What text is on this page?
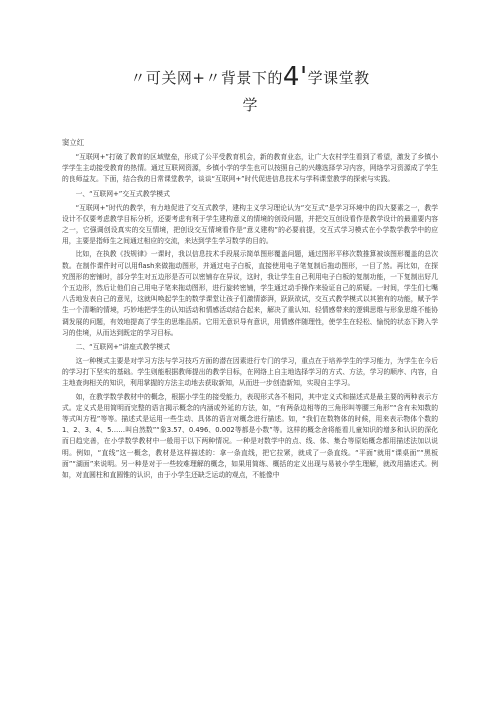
〃可关网+〃背景下的4'学课堂教
学
窦立红

“互联网+”打破了教育的区域壁垒，形成了公平受教育机会，新的教育业态，让广大农村学生看到了希望，激发了乡镇小学学生主动接受教育的热情。通过互联网资源，乡镇小学的学生也可以按照自己的兴趣选择学习内容，网络学习资源成了学生的良师益友。下面，结合我的日常课堂教学，谈谈“互联网+”时代促进信息技术与学科课堂教学的探索与实践。

一、“互联网+”交互式教学模式

“互联网+”时代的教学，有力地促进了交互式教学，建构主义学习理论认为“交互式”是学习环境中的四大要素之一，教学设计不仅要考虑教学目标分析，还要考虑有利于学生建构意义的情境的创设问题，并把交互创设看作是教学设计的最重要内容之一，它强调创设真实的交互情境，把创设交互情境看作是“意义建构”的必要前提，交互式学习模式在小学数学教学中的应用，主要是指师生之间通过相应的交流，来达到学生学习数学的目的。

比如，在执教《找规律》一课时，我以信息技术手段展示简单图形覆盖问题，通过图形平移次数推算被该图形覆盖的总次数。在制作课件时可以用flash来做拖动图形，并通过电子白板，直接使用电子笔复制后拖动图形，一目了然。再比如，在探究图形的密铺时，部分学生对五边形是否可以密铺存在异议，这时，我让学生自己利用电子白板的复制功能，一下复制出好几个五边形，然后让他们自己用电子笔来拖动图形，进行旋转密铺，学生通过动手操作来验证自己的质疑。一时间，学生们七嘴八舌地发表自己的意见，这就叫唤起学生的数学课堂让孩子们激情澎湃，跃跃欲试，交互式教学模式以其独有的功能，赋予学生一个清晰的情境，巧妙地把学生的认知活动和情感活动结合起来，解决了重认知、轻情感带来的逻辑思维与形象思维不能协调发展的问题，有效地提高了学生的思维品质。它用无意识导有意识，用情感伴随理性，使学生在轻松、愉悦的状态下跨入学习的佳境，从而达到既定的学习目标。

二、“互联网+”讲座式教学模式

这一种模式主要是对学习方法与学习技巧方面的潜在因素进行专门的学习，重点在于培养学生的学习能力，为学生在今后的学习打下坚实的基础。学生则能根据教师提出的教学目标，在网络上自主地选择学习的方式、方法，学习的顺序、内容，自主地查询相关的知识，利用掌握的方法主动地去获取新知，从而进一步创造新知，实现自主学习。

如，在教学数学教材中的概念，根据小学生的接受能力，表现形式各不相同，其中定义式和描述式是最主要的两种表示方式。定义式是用简明而完整的语言揭示概念的内涵或外延的方法，如，“有两条边相等的三角形叫等腰三角形”“含有未知数的等式叫方程”等等。描述式是运用一些生动、具体的语言对概念进行描述。如，“我们在数物体的时候，用来表示物体个数的1、2、3、4、5……叫自然数”“象3.57、0.496、0.002等都是小数”等。这样的概念舍将能看儿童知识的增多和认识的深化而日趋完善，在小学数学教材中一般用于以下两种情况。一种是对数学中的点、线、体、集合等原始概念都用描述法加以说明。例如，“直线”这一概念，教材是这样描述的：拿一条直线，把它拉紧，就成了一条直线。“平面”就用“课桌面”“黑板面”“湖面”来说明。另一种是对于一些较难理解的概念，如果用简练、概括的定义出现与易被小学生理解，就改用描述式。例如，对直圆柱和直圆锥的认识，由于小学生还缺乏运动的观点，不能像中
